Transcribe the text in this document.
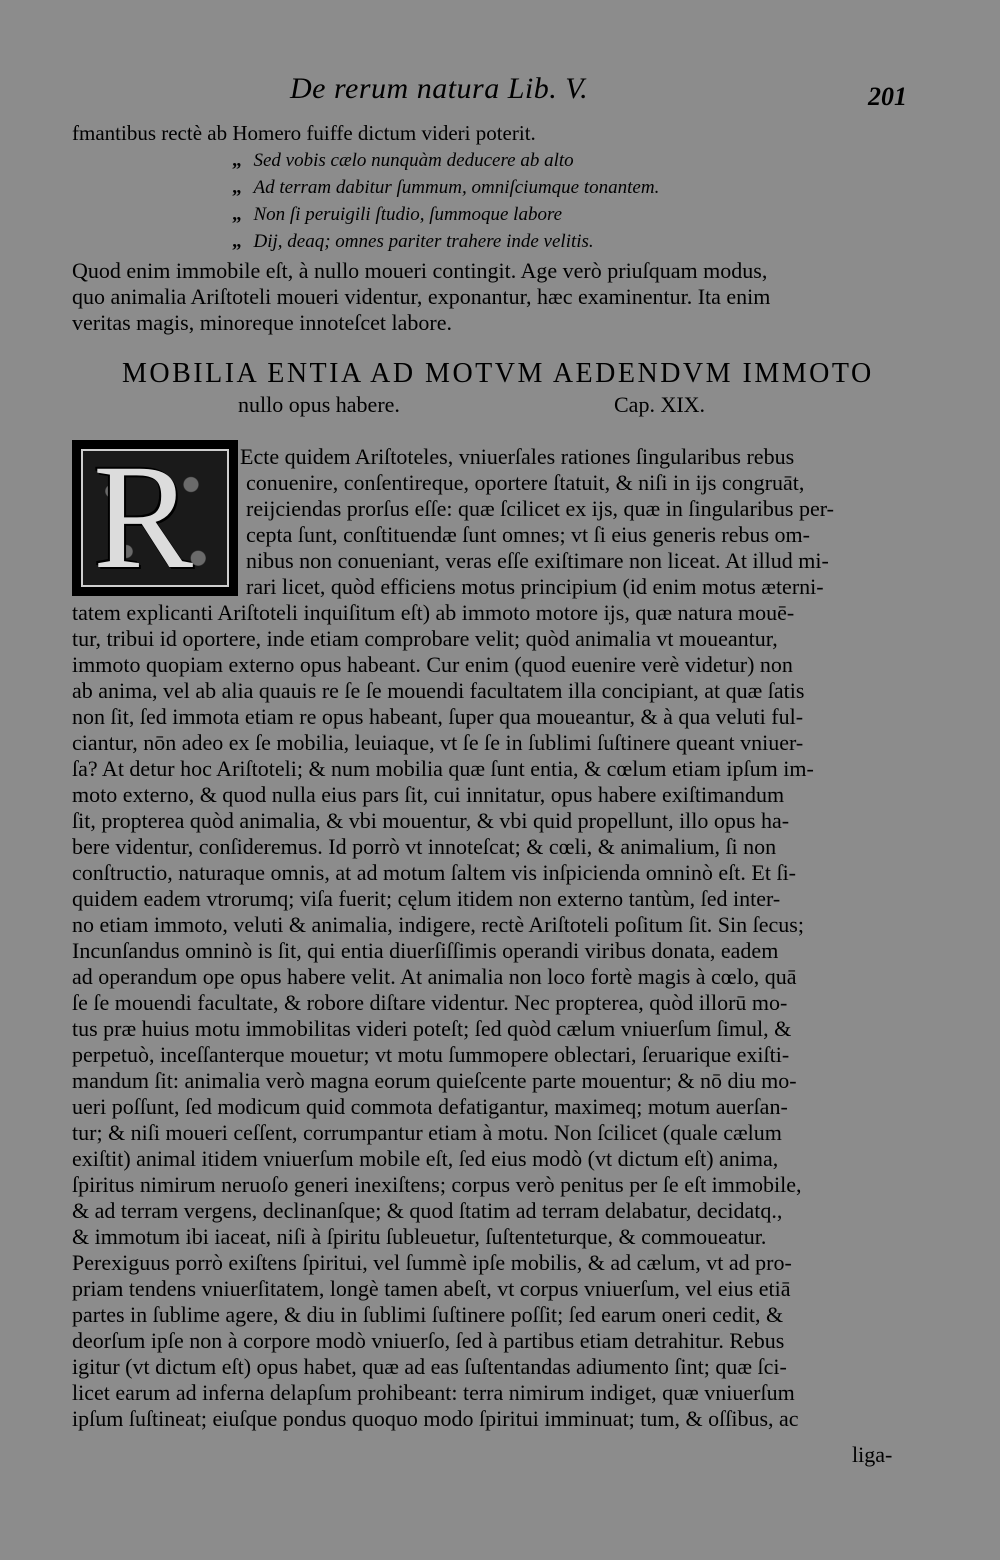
De rerum natura Lib. V.	201
fmantibus rectè ab Homero fuiffe dictum videri poterit.
„ Sed vobis cælo nunquàm deducere ab alto
„ Ad terram dabitur ſummum, omniſciumque tonantem.
„ Non ſi peruigili ſtudio, ſummoque labore
„ Dij, deaq; omnes pariter trahere inde velitis.
Quod enim immobile eſt, à nullo moueri contingit. Age verò priuſquam modus,
quo animalia Ariſtoteli moueri videntur, exponantur, hæc examinentur. Ita enim
veritas magis, minoreque innoteſcet labore.
MOBILIA ENTIA AD MOTVM AEDENDVM IMMOTO
nullo opus habere.	Cap. XIX.
R Ecte quidem Ariſtoteles, vniuerſales rationes ſingularibus rebus
conuenire, conſentireque, oportere ſtatuit, & niſi in ijs congruāt,
reijciendas prorſus eſſe: quæ ſcilicet ex ijs, quæ in ſingularibus per-
cepta ſunt, conſtituendæ ſunt omnes; vt ſi eius generis rebus om-
nibus non conueniant, veras eſſe exiſtimare non liceat. At illud mi-
rari licet, quòd efficiens motus principium (id enim motus æterni-
tatem explicanti Ariſtoteli inquiſitum eſt) ab immoto motore ijs, quæ natura mouē-
tur, tribui id oportere, inde etiam comprobare velit; quòd animalia vt moueantur,
immoto quopiam externo opus habeant. Cur enim (quod euenire verè videtur) non
ab anima, vel ab alia quauis re ſe ſe mouendi facultatem illa concipiant, at quæ ſatis
non ſit, ſed immota etiam re opus habeant, ſuper qua moueantur, & à qua veluti ful-
ciantur, nōn adeo ex ſe mobilia, leuiaque, vt ſe ſe in ſublimi ſuſtinere queant vniuer-
ſa? At detur hoc Ariſtoteli; & num mobilia quæ ſunt entia, & cœlum etiam ipſum im-
moto externo, & quod nulla eius pars ſit, cui innitatur, opus habere exiſtimandum
ſit, propterea quòd animalia, & vbi mouentur, & vbi quid propellunt, illo opus ha-
bere videntur, conſideremus. Id porrò vt innoteſcat; & cœli, & animalium, ſi non
conſtructio, naturaque omnis, at ad motum ſaltem vis inſpicienda omninò eſt. Et ſi-
quidem eadem vtrorumq; viſa fuerit; cęlum itidem non externo tantùm, ſed inter-
no etiam immoto, veluti & animalia, indigere, rectè Ariſtoteli poſitum ſit. Sin ſecus;
Incunſandus omninò is ſit, qui entia diuerſiſſimis operandi viribus donata, eadem
ad operandum ope opus habere velit. At animalia non loco fortè magis à cœlo, quā
ſe ſe mouendi facultate, & robore diſtare videntur. Nec propterea, quòd illorū mo-
tus præ huius motu immobilitas videri poteſt; ſed quòd cælum vniuerſum ſimul, &
perpetuò, inceſſanterque mouetur; vt motu ſummopere oblectari, ſeruarique exiſti-
mandum ſit: animalia verò magna eorum quieſcente parte mouentur; & nō diu mo-
ueri poſſunt, ſed modicum quid commota defatigantur, maximeq; motum auerſan-
tur; & niſi moueri ceſſent, corrumpantur etiam à motu. Non ſcilicet (quale cælum
exiſtit) animal itidem vniuerſum mobile eſt, ſed eius modò (vt dictum eſt) anima,
ſpiritus nimirum neruoſo generi inexiſtens; corpus verò penitus per ſe eſt immobile,
& ad terram vergens, declinanſque; & quod ſtatim ad terram delabatur, decidatq.,
& immotum ibi iaceat, niſi à ſpiritu ſubleuetur, ſuſtenteturque, & commoueatur.
Perexiguus porrò exiſtens ſpiritui, vel ſummè ipſe mobilis, & ad cælum, vt ad pro-
priam tendens vniuerſitatem, longè tamen abeſt, vt corpus vniuerſum, vel eius etiā
partes in ſublime agere, & diu in ſublimi ſuſtinere poſſit; ſed earum oneri cedit, &
deorſum ipſe non à corpore modò vniuerſo, ſed à partibus etiam detrahitur. Rebus
igitur (vt dictum eſt) opus habet, quæ ad eas ſuſtentandas adiumento ſint; quæ ſci-
licet earum ad inferna delapſum prohibeant: terra nimirum indiget, quæ vniuerſum
ipſum ſuſtineat; eiuſque pondus quoquo modo ſpiritui imminuat; tum, & oſſibus, ac
liga-
